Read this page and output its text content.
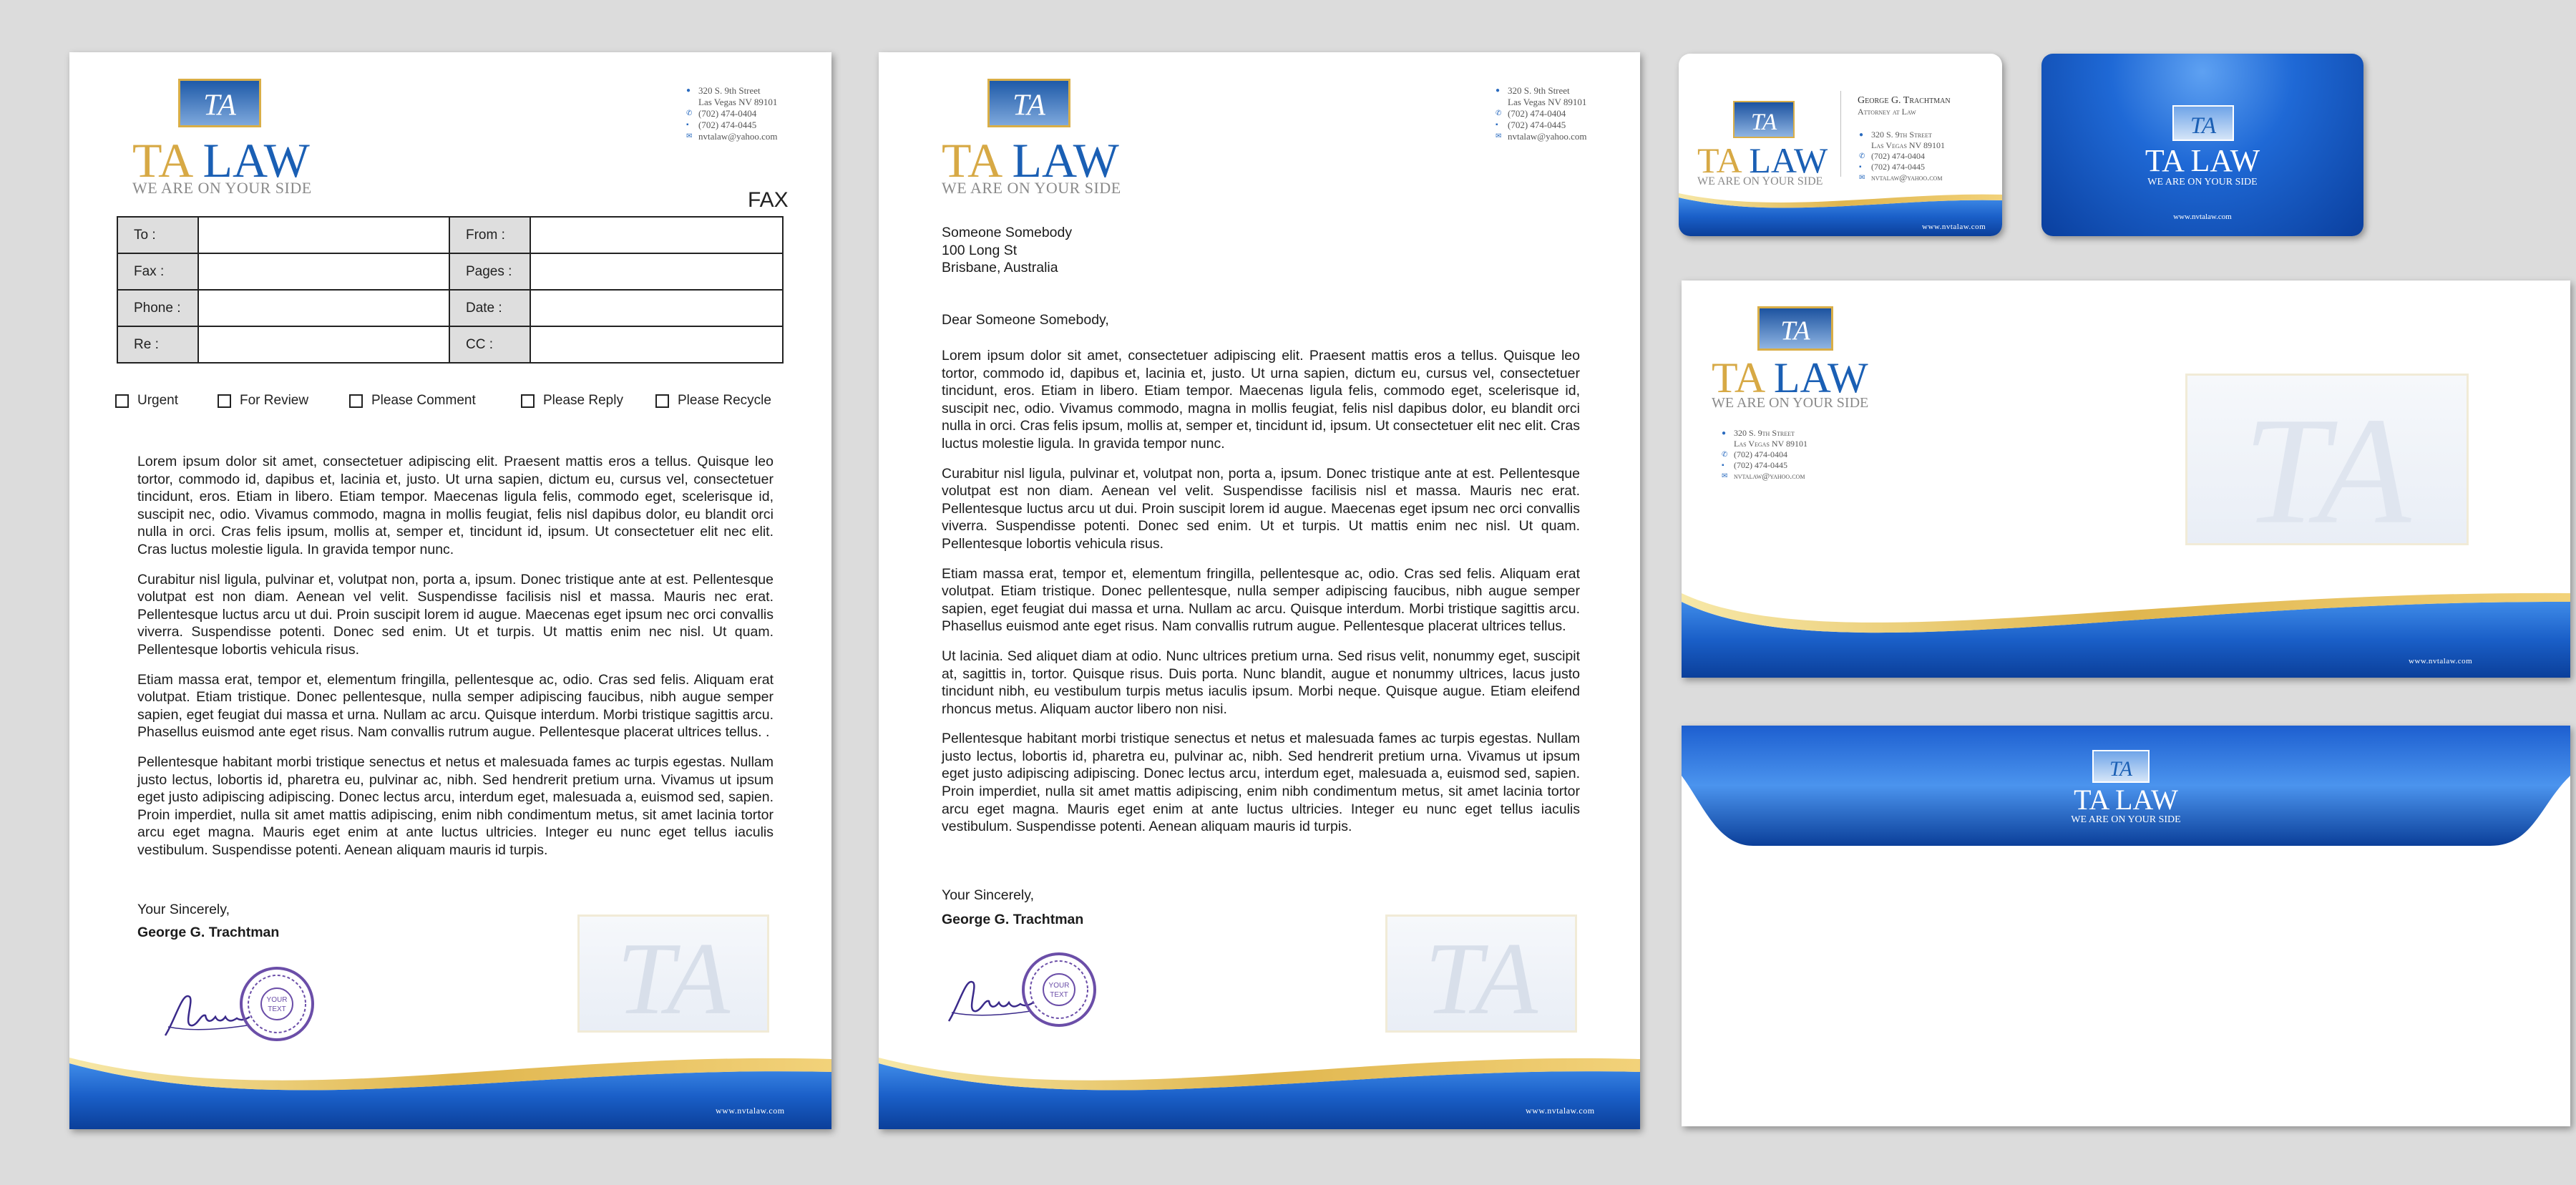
TA
TA LAW
WE ARE ON YOUR SIDE
● 320 S. 9th Street
Las Vegas NV 89101
✆ (702) 474-0404
▪	(702) 474-0445
✉ nvtalaw@yahoo.com
FAX
To :		From :	
Fax :		Pages :	
Phone :		Date :	
Re :		CC :	
Urgent	For Review	Please Comment	Please Reply	Please Recycle

Lorem ipsum dolor sit amet, consectetuer adipiscing elit. Praesent mattis eros a tellus. Quisque leo tortor, commodo id, dapibus et, lacinia et, justo. Ut urna sapien, dictum eu, cursus vel, consectetuer tincidunt, eros. Etiam in libero. Etiam tempor. Maecenas ligula felis, commodo eget, scelerisque id, suscipit nec, odio. Vivamus commodo, magna in mollis feugiat, felis nisl dapibus dolor, eu blandit orci nulla in orci. Cras felis ipsum, mollis at, semper et, tincidunt id, ipsum. Ut consectetuer elit nec elit. Cras luctus molestie ligula. In gravida tempor nunc.

Curabitur nisl ligula, pulvinar et, volutpat non, porta a, ipsum. Donec tristique ante at est. Pellentesque volutpat est non diam. Aenean vel velit. Suspendisse facilisis nisl et massa. Mauris nec erat. Pellentesque luctus arcu ut dui. Proin suscipit lorem id augue. Maecenas eget ipsum nec orci convallis viverra. Suspendisse potenti. Donec sed enim. Ut et turpis. Ut mattis enim nec nisl. Ut quam. Pellentesque lobortis vehicula risus.

Etiam massa erat, tempor et, elementum fringilla, pellentesque ac, odio. Cras sed felis. Aliquam erat volutpat. Etiam tristique. Donec pellentesque, nulla semper adipiscing faucibus, nibh augue semper sapien, eget feugiat dui massa et urna. Nullam ac arcu. Quisque interdum. Morbi tristique sagittis arcu. Phasellus euismod ante eget risus. Nam convallis rutrum augue. Pellentesque placerat ultrices tellus. .

Pellentesque habitant morbi tristique senectus et netus et malesuada fames ac turpis egestas. Nullam justo lectus, lobortis id, pharetra eu, pulvinar ac, nibh. Sed hendrerit pretium urna. Vivamus ut ipsum eget justo adipiscing adipiscing. Donec lectus arcu, interdum eget, malesuada a, euismod sed, sapien. Proin imperdiet, nulla sit amet mattis adipiscing, enim nibh condimentum metus, sit amet lacinia tortor arcu eget magna. Mauris eget enim at ante luctus ultricies. Integer eu nunc eget tellus iaculis vestibulum. Suspendisse potenti. Aenean aliquam mauris id turpis.

Your Sincerely,
George G. Trachtman
YOUR
TEXT	TA
www.nvtalaw.com
TA
TA LAW
WE ARE ON YOUR SIDE
● 320 S. 9th Street
Las Vegas NV 89101
✆ (702) 474-0404
▪	(702) 474-0445
✉ nvtalaw@yahoo.com
Someone Somebody
100 Long St
Brisbane, Australia
Dear Someone Somebody,

Lorem ipsum dolor sit amet, consectetuer adipiscing elit. Praesent mattis eros a tellus. Quisque leo tortor, commodo id, dapibus et, lacinia et, justo. Ut urna sapien, dictum eu, cursus vel, consectetuer tincidunt, eros. Etiam in libero. Etiam tempor. Maecenas ligula felis, commodo eget, scelerisque id, suscipit nec, odio. Vivamus commodo, magna in mollis feugiat, felis nisl dapibus dolor, eu blandit orci nulla in orci. Cras felis ipsum, mollis at, semper et, tincidunt id, ipsum. Ut consectetuer elit nec elit. Cras luctus molestie ligula. In gravida tempor nunc.

Curabitur nisl ligula, pulvinar et, volutpat non, porta a, ipsum. Donec tristique ante at est. Pellentesque volutpat est non diam. Aenean vel velit. Suspendisse facilisis nisl et massa. Mauris nec erat. Pellentesque luctus arcu ut dui. Proin suscipit lorem id augue. Maecenas eget ipsum nec orci convallis viverra. Suspendisse potenti. Donec sed enim. Ut et turpis. Ut mattis enim nec nisl. Ut quam. Pellentesque lobortis vehicula risus.

Etiam massa erat, tempor et, elementum fringilla, pellentesque ac, odio. Cras sed felis. Aliquam erat volutpat. Etiam tristique. Donec pellentesque, nulla semper adipiscing faucibus, nibh augue semper sapien, eget feugiat dui massa et urna. Nullam ac arcu. Quisque interdum. Morbi tristique sagittis arcu. Phasellus euismod ante eget risus. Nam convallis rutrum augue. Pellentesque placerat ultrices tellus.

Ut lacinia. Sed aliquet diam at odio. Nunc ultrices pretium urna. Sed risus velit, nonummy eget, suscipit at, sagittis in, tortor. Quisque risus. Duis porta. Nunc blandit, augue et nonummy ultrices, lacus justo tincidunt nibh, eu vestibulum turpis metus iaculis ipsum. Morbi neque. Quisque augue. Etiam eleifend rhoncus metus. Aliquam auctor libero non nisi.

Pellentesque habitant morbi tristique senectus et netus et malesuada fames ac turpis egestas. Nullam justo lectus, lobortis id, pharetra eu, pulvinar ac, nibh. Sed hendrerit pretium urna. Vivamus ut ipsum eget justo adipiscing adipiscing. Donec lectus arcu, interdum eget, malesuada a, euismod sed, sapien. Proin imperdiet, nulla sit amet mattis adipiscing, enim nibh condimentum metus, sit amet lacinia tortor arcu eget magna. Mauris eget enim at ante luctus ultricies. Integer eu nunc eget tellus iaculis vestibulum. Suspendisse potenti. Aenean aliquam mauris id turpis.

Your Sincerely,
George G. Trachtman
YOUR
TEXT	TA
www.nvtalaw.com
TA
TA LAW
WE ARE ON YOUR SIDE
George G. Trachtman
Attorney at Law
● 320 S. 9th Street
Las Vegas NV 89101
✆ (702) 474-0404
▪	(702) 474-0445
✉ nvtalaw@yahoo.com
www.nvtalaw.com
TA
TA LAW
WE ARE ON YOUR SIDE
www.nvtalaw.com
TA
TA LAW
WE ARE ON YOUR SIDE
● 320 S. 9th Street
Las Vegas NV 89101
✆ (702) 474-0404
▪	(702) 474-0445
✉ nvtalaw@yahoo.com	TA
www.nvtalaw.com
TA
TA LAW
WE ARE ON YOUR SIDE
